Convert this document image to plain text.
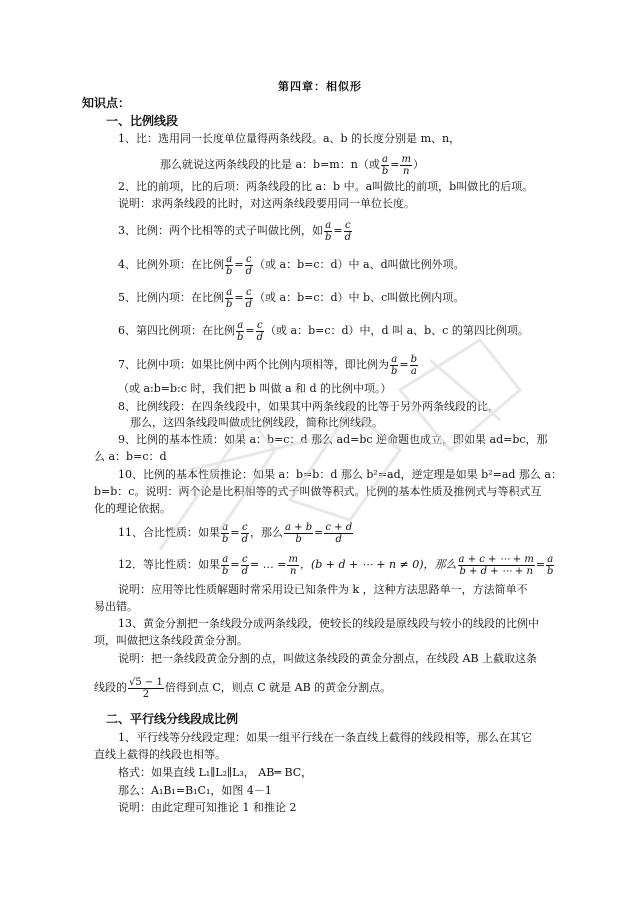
第四章：相似形
知识点：
一、比例线段
1、比：选用同一长度单位量得两条线段。a、b 的长度分别是 m、n，
那么就说这两条线段的比是 a：b=m：n（或 $\frac{a}{b} = \frac{m}{n}$ ）
2、比的前项，比的后项：两条线段的比 a：b 中。a叫做比的前项，b叫做比的后项。
说明：求两条线段的比时，对这两条线段要用同一单位长度。
3、比例：两个比相等的式子叫做比例，如 $\frac{a}{b} = \frac{c}{d}$
4、比例外项：在比例 $\frac{a}{b} = \frac{c}{d}$ （或 a：b=c：d）中 a、d叫做比例外项。
5、比例内项：在比例 $\frac{a}{b} = \frac{c}{d}$ （或 a：b=c：d）中 b、c叫做比例内项。
6、第四比例项：在比例 $\frac{a}{b} = \frac{c}{d}$ （或 a：b=c：d）中，d 叫 a、b、c 的第四比例项。
7、比例中项：如果比例中两个比例内项相等，即比例为 $\frac{a}{b} = \frac{b}{a}$
（或 a:b=b:c 时，我们把 b 叫做 a 和 d 的比例中项。）
8、比例线段：在四条线段中，如果其中两条线段的比等于另外两条线段的比，
那么，这四条线段叫做成比例线段，简称比例线段。
9、比例的基本性质：如果 a：b=c：d 那么 ad=bc 逆命题也成立，即如果 ad=bc，那
么 a：b=c：d
10、比例的基本性质推论：如果 a：b=b：d 那么 b²=ad，逆定理是如果 b²=ad 那么 a：
b=b：c。说明：两个论是比积相等的式子叫做等积式。比例的基本性质及推例式与等积式互
化的理论依据。
11、合比性质：如果 $\frac{a}{b} = \frac{c}{d}$ ，那么 $\frac{a + b}{b} = \frac{c + d}{d}$
12．等比性质：如果 $\frac{a}{b} = \frac{c}{d}$ = … = $\frac{m}{n}$ ，(b + d + ⋯ + n ≠ 0)，那么 $\frac{a + c + \cdots + m}{b + d + \cdots + n} = \frac{a}{b}$
说明：应用等比性质解题时常采用设已知条件为 k ，这种方法思路单一，方法简单不
易出错。
13、黄金分割把一条线段分成两条线段，使较长的线段是原线段与较小的线段的比例中
项，叫做把这条线段黄金分割。
说明：把一条线段黄金分割的点，叫做这条线段的黄金分割点，在线段 AB 上截取这条
线段的 $\frac{√5 - 1}{2}$ 倍得到点 C，则点 C 就是 AB 的黄金分割点。
二、平行线分线段成比例
1、平行线等分线段定理：如果一组平行线在一条直线上截得的线段相等，那么在其它
直线上截得的线段也相等。
格式：如果直线 L₁∥L₂∥L₃， AB═ BC，
那么：A₁B₁=B₁C₁，如图 4－1
说明：由此定理可知推论 1 和推论 2
